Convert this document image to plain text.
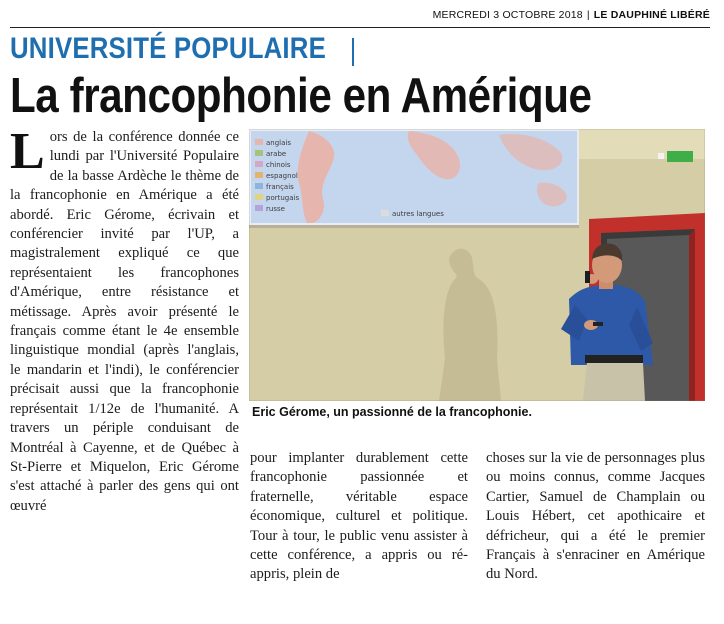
MERCREDI 3 OCTOBRE 2018 | LE DAUPHINÉ LIBÉRÉ
UNIVERSITÉ POPULAIRE
La francophonie en Amérique
Lors de la conférence donnée ce lundi par l'Université Populaire de la basse Ardèche le thème de la francophonie en Amérique a été abordé. Eric Gérome, écrivain et conférencier invité par l'UP, a magistralement expliqué ce que représentaient les francophones d'Amérique, entre résistance et métissage. Après avoir présenté le français comme étant le 4e ensemble linguistique mondial (après l'anglais, le mandarin et l'indi), le conférencier précisait aussi que la francophonie représentait 1/12e de l'humanité. A travers un périple conduisant de Montréal à Cayenne, et de Québec à St-Pierre et Miquelon, Eric Gérome s'est attaché à parler des gens qui ont œuvré
anglais
arabe
chinois
espagnol
français
portugais
russe
autres langues
Eric Gérome, un passionné de la francophonie.
pour implanter durablement cette francophonie passionnée et fraternelle, véritable espace économique, culturel et politique. Tour à tour, le public venu assister à cette conférence, a appris ou ré-appris, plein de
choses sur la vie de personnages plus ou moins connus, comme Jacques Cartier, Samuel de Champlain ou Louis Hébert, cet apothicaire et défricheur, qui a été le premier Français à s'enraciner en Amérique du Nord.
